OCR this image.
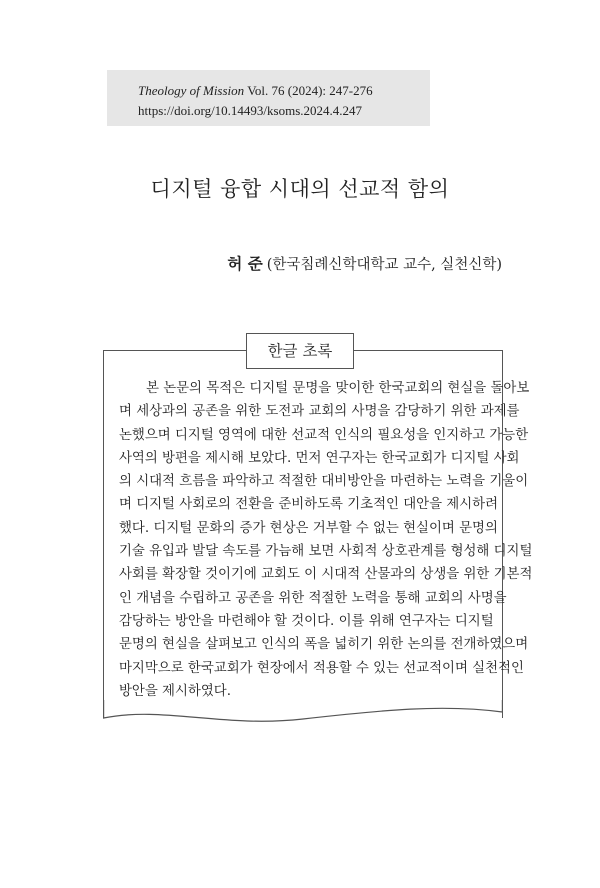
Theology of Mission Vol. 76 (2024): 247-276
https://doi.org/10.14493/ksoms.2024.4.247
디지털 융합 시대의 선교적 함의
허 준 (한국침례신학대학교 교수, 실천신학)
한글 초록
본 논문의 목적은 디지털 문명을 맞이한 한국교회의 현실을 돌아보
며 세상과의 공존을 위한 도전과 교회의 사명을 감당하기 위한 과제를
논했으며 디지털 영역에 대한 선교적 인식의 필요성을 인지하고 가능한
사역의 방편을 제시해 보았다. 먼저 연구자는 한국교회가 디지털 사회
의 시대적 흐름을 파악하고 적절한 대비방안을 마련하는 노력을 기울이
며 디지털 사회로의 전환을 준비하도록 기초적인 대안을 제시하려
했다. 디지털 문화의 증가 현상은 거부할 수 없는 현실이며 문명의
기술 유입과 발달 속도를 가늠해 보면 사회적 상호관계를 형성해 디지털
사회를 확장할 것이기에 교회도 이 시대적 산물과의 상생을 위한 기본적
인 개념을 수립하고 공존을 위한 적절한 노력을 통해 교회의 사명을
감당하는 방안을 마련해야 할 것이다. 이를 위해 연구자는 디지털
문명의 현실을 살펴보고 인식의 폭을 넓히기 위한 논의를 전개하였으며
마지막으로 한국교회가 현장에서 적용할 수 있는 선교적이며 실천적인
방안을 제시하였다.
